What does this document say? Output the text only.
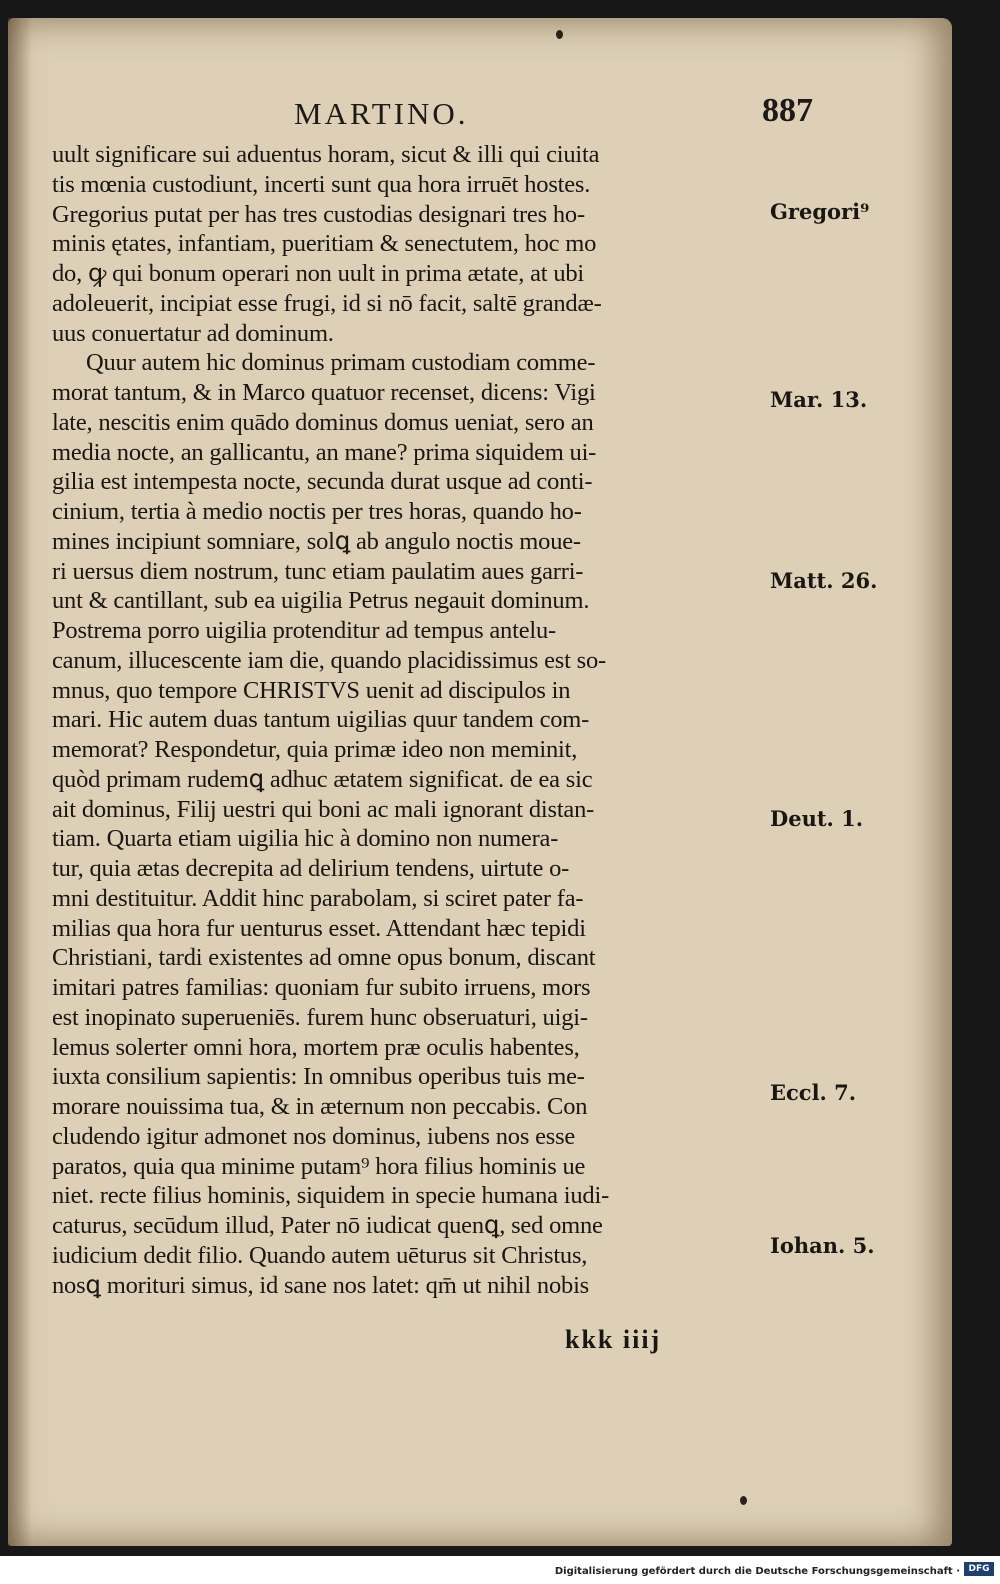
MARTINO.	887
uult significare sui aduentus horam, sicut & illi qui ciuita
tis mœnia custodiunt, incerti sunt qua hora irruēt hostes.
Gregorius putat per has tres custodias designari tres ho-
minis ętates, infantiam, pueritiam & senectutem, hoc mo
do, ꝙ qui bonum operari non uult in prima ætate, at ubi
adoleuerit, incipiat esse frugi, id si nō facit, saltē grandæ-
uus conuertatur ad dominum.
Quur autem hic dominus primam custodiam comme-
morat tantum, & in Marco quatuor recenset, dicens: Vigi
late, nescitis enim quādo dominus domus ueniat, sero an
media nocte, an gallicantu, an mane? prima siquidem ui-
gilia est intempesta nocte, secunda durat usque ad conti-
cinium, tertia à medio noctis per tres horas, quando ho-
mines incipiunt somniare, solꝗ ab angulo noctis moue-
ri uersus diem nostrum, tunc etiam paulatim aues garri-
unt & cantillant, sub ea uigilia Petrus negauit dominum.
Postrema porro uigilia protenditur ad tempus antelu-
canum, illucescente iam die, quando placidissimus est so-
mnus, quo tempore CHRISTVS uenit ad discipulos in
mari. Hic autem duas tantum uigilias quur tandem com-
memorat? Respondetur, quia primæ ideo non meminit,
quòd primam rudemꝗ adhuc ætatem significat. de ea sic
ait dominus, Filij uestri qui boni ac mali ignorant distan-
tiam. Quarta etiam uigilia hic à domino non numera-
tur, quia ætas decrepita ad delirium tendens, uirtute o-
mni destituitur. Addit hinc parabolam, si sciret pater fa-
milias qua hora fur uenturus esset. Attendant hæc tepidi
Christiani, tardi existentes ad omne opus bonum, discant
imitari patres familias: quoniam fur subito irruens, mors
est inopinato superueniēs. furem hunc obseruaturi, uigi-
lemus solerter omni hora, mortem præ oculis habentes,
iuxta consilium sapientis: In omnibus operibus tuis me-
morare nouissima tua, & in æternum non peccabis. Con
cludendo igitur admonet nos dominus, iubens nos esse
paratos, quia qua minime putam⁹ hora filius hominis ue
niet. recte filius hominis, siquidem in specie humana iudi-
caturus, secūdum illud, Pater nō iudicat quenꝗ, sed omne
iudicium dedit filio. Quando autem uēturus sit Christus,
nosꝗ morituri simus, id sane nos latet: qm̄ ut nihil nobis
Gregori⁹
Mar. 13.
Matt. 26.
Deut. 1.
Eccl. 7.
Iohan. 5.
kkk iiij
Digitalisierung gefördert durch die Deutsche Forschungsgemeinschaft · DFG
